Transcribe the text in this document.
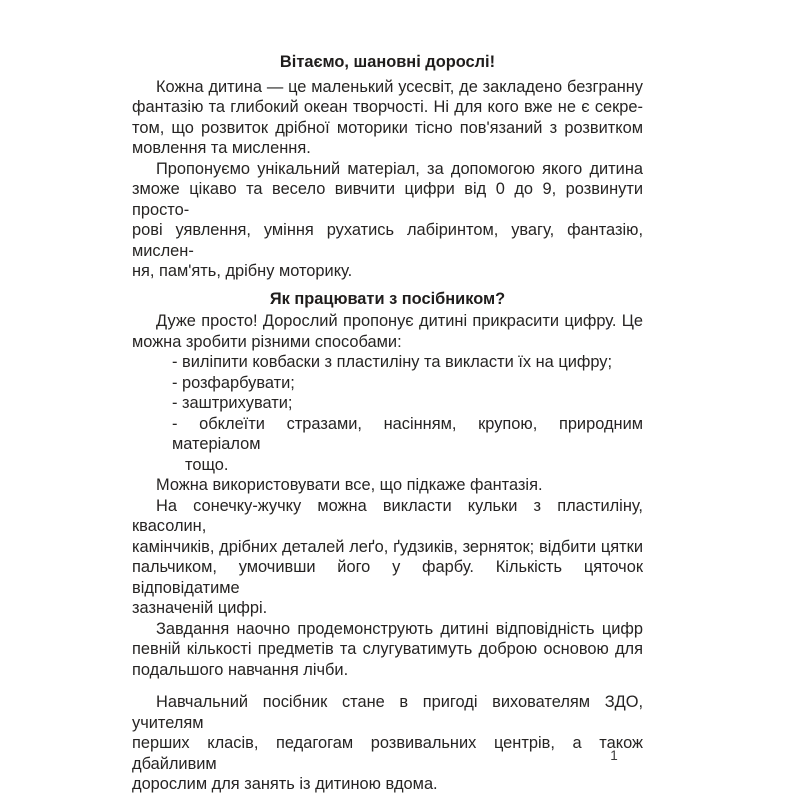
Вітаємо, шановні дорослі!
Кожна дитина — це маленький усесвіт, де закладено безгранну
фантазію та глибокий океан творчості. Ні для кого вже не є секре-
том, що розвиток дрібної моторики тісно пов'язаний з розвитком
мовлення та мислення.
Пропонуємо унікальний матеріал, за допомогою якого дитина
зможе цікаво та весело вивчити цифри від 0 до 9, розвинути просто-
рові уявлення, уміння рухатись лабіринтом, увагу, фантазію, мислен-
ня, пам'ять, дрібну моторику.
Як працювати з посібником?
Дуже просто! Дорослий пропонує дитині прикрасити цифру. Це
можна зробити різними способами:
- виліпити ковбаски з пластиліну та викласти їх на цифру;
- розфарбувати;
- заштрихувати;
- обклеїти стразами, насінням, крупою, природним матеріалом
тощо.
Можна використовувати все, що підкаже фантазія.
На сонечку-жучку можна викласти кульки з пластиліну, квасолин,
камінчиків, дрібних деталей леґо, ґудзиків, зерняток; відбити цятки
пальчиком, умочивши його у фарбу. Кількість цяточок відповідатиме
зазначеній цифрі.
Завдання наочно продемонструють дитині відповідність цифр
певній кількості предметів та слугуватимуть доброю основою для
подальшого навчання лічби.
Навчальний посібник стане в пригоді вихователям ЗДО, учителям
перших класів, педагогам розвивальних центрів, а також дбайливим
дорослим для занять із дитиною вдома.
1
